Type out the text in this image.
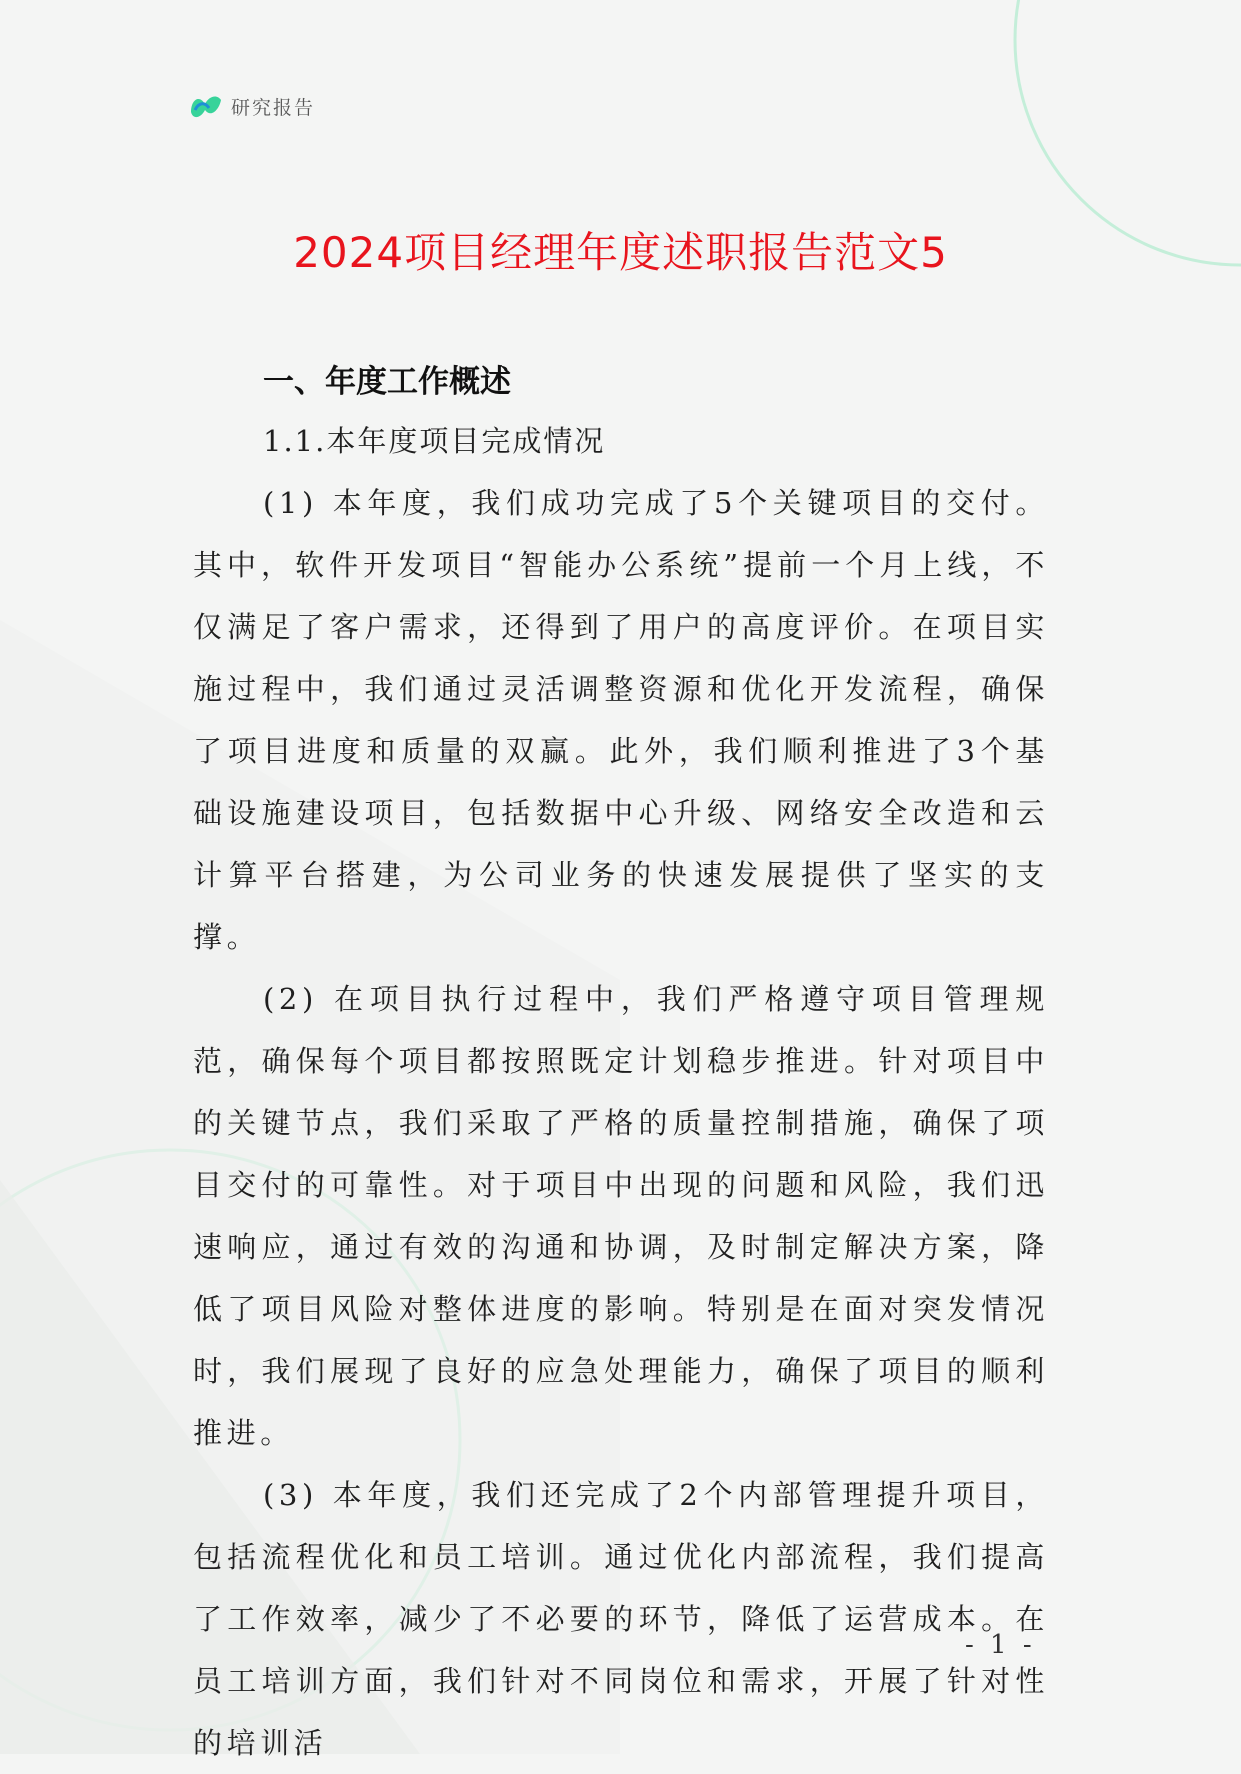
研究报告
2024项目经理年度述职报告范文5
一、年度工作概述
1.1.本年度项目完成情况

(1) 本年度，我们成功完成了5个关键项目的交付。其中，软件开发项目“智能办公系统”提前一个月上线，不仅满足了客户需求，还得到了用户的高度评价。在项目实施过程中，我们通过灵活调整资源和优化开发流程，确保了项目进度和质量的双赢。此外，我们顺利推进了3个基础设施建设项目，包括数据中心升级、网络安全改造和云计算平台搭建，为公司业务的快速发展提供了坚实的支撑。

(2) 在项目执行过程中，我们严格遵守项目管理规范，确保每个项目都按照既定计划稳步推进。针对项目中的关键节点，我们采取了严格的质量控制措施，确保了项目交付的可靠性。对于项目中出现的问题和风险，我们迅速响应，通过有效的沟通和协调，及时制定解决方案，降低了项目风险对整体进度的影响。特别是在面对突发情况时，我们展现了良好的应急处理能力，确保了项目的顺利推进。

(3) 本年度，我们还完成了2个内部管理提升项目，包括流程优化和员工培训。通过优化内部流程，我们提高了工作效率，减少了不必要的环节，降低了运营成本。在员工培训方面，我们针对不同岗位和需求，开展了针对性的培训活

- 1 -
